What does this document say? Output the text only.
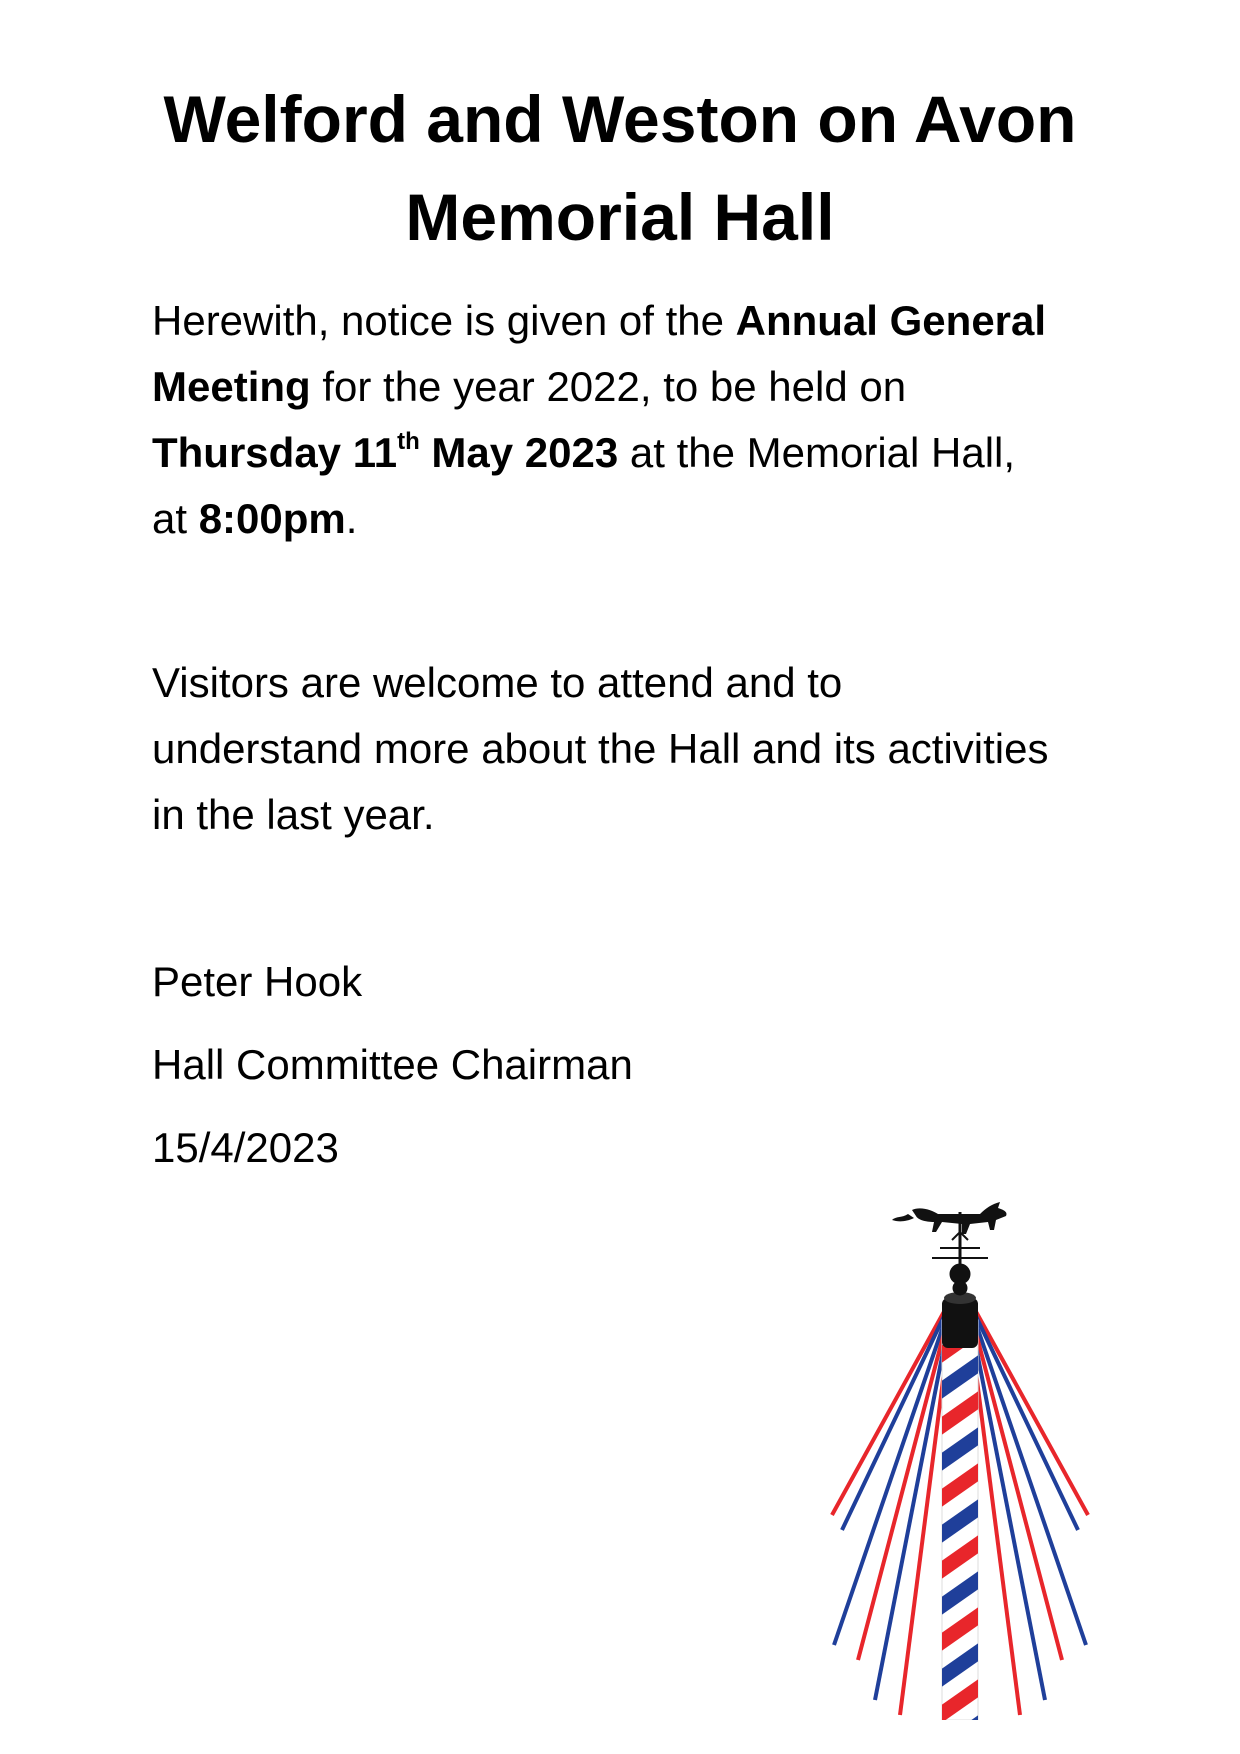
Welford and Weston on Avon
Memorial Hall

Herewith, notice is given of the Annual General Meeting for the year 2022, to be held on Thursday 11th May 2023 at the Memorial Hall, at 8:00pm.

Visitors are welcome to attend and to understand more about the Hall and its activities in the last year.

Peter Hook

Hall Committee Chairman

15/4/2023
